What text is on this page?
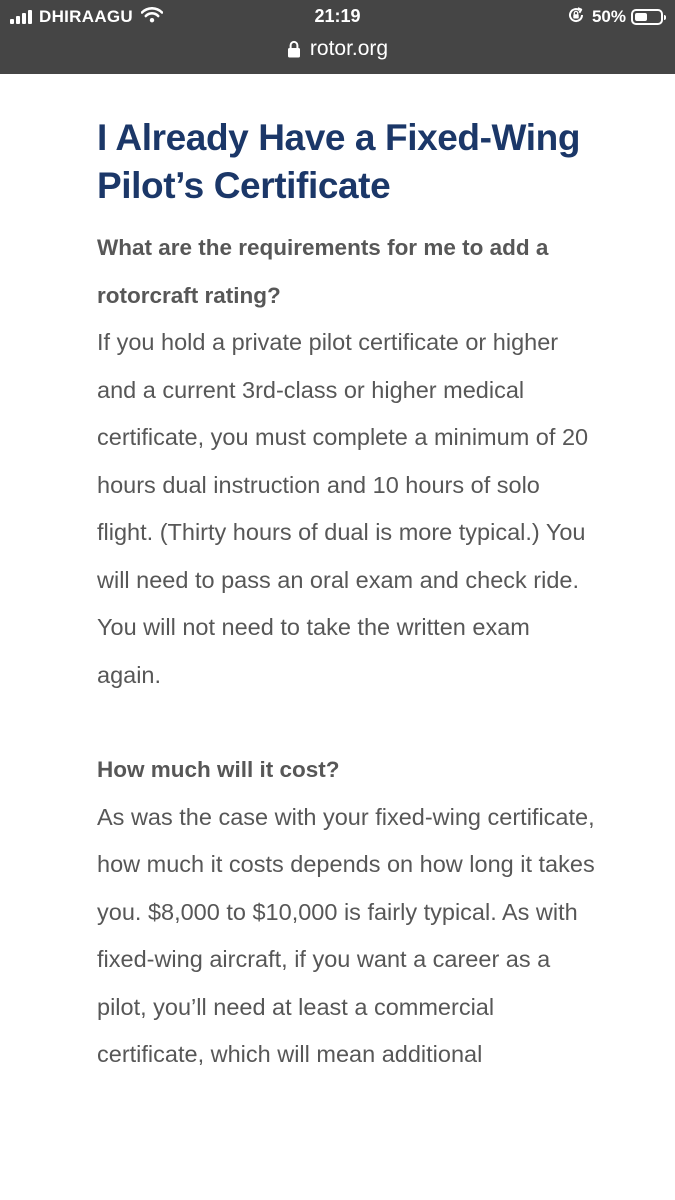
DHIRAAGU	21:19	50%
rotor.org
I Already Have a Fixed-Wing Pilot’s Certificate
What are the requirements for me to add a rotorcraft rating?
If you hold a private pilot certificate or higher and a current 3rd-class or higher medical certificate, you must complete a minimum of 20 hours dual instruction and 10 hours of solo flight. (Thirty hours of dual is more typical.) You will need to pass an oral exam and check ride. You will not need to take the written exam again.
How much will it cost?
As was the case with your fixed-wing certificate, how much it costs depends on how long it takes you. $8,000 to $10,000 is fairly typical. As with fixed-wing aircraft, if you want a career as a pilot, you’ll need at least a commercial certificate, which will mean additional
